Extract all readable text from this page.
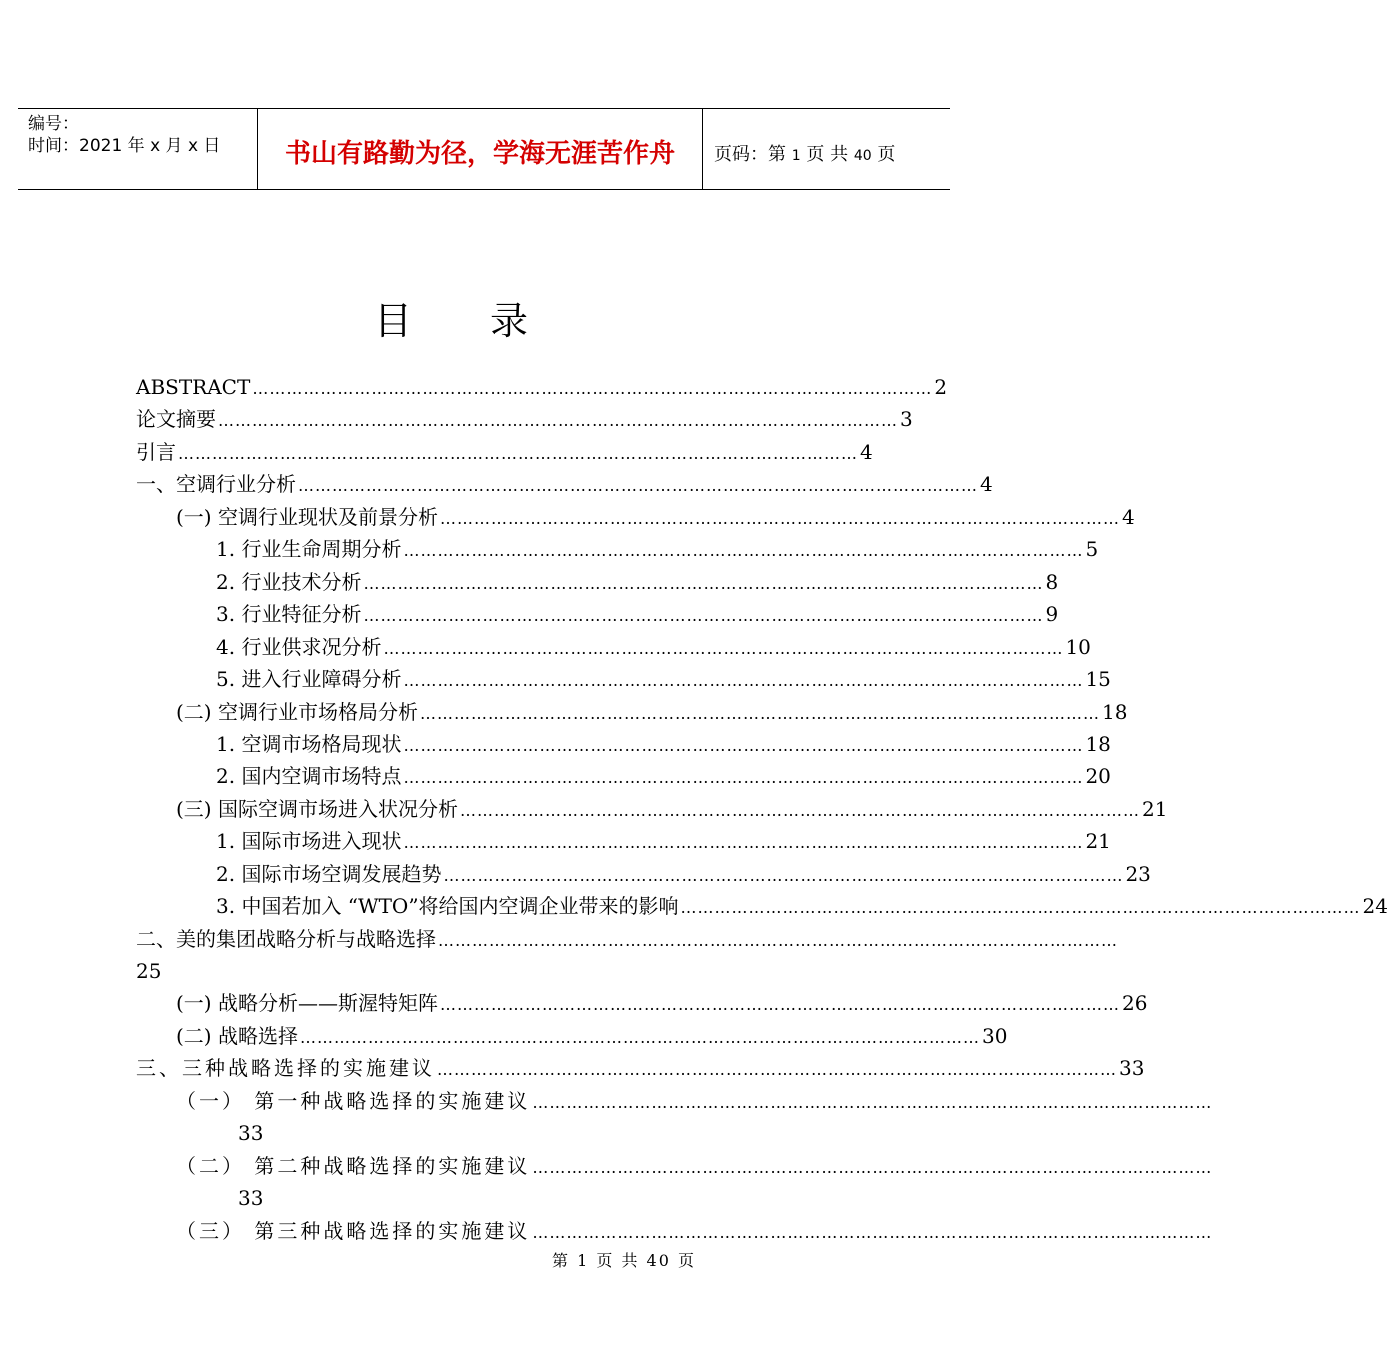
编号：
时间：2021 年 x 月 x 日	书山有路勤为径，学海无涯苦作舟	页码：第 1 页 共 40 页
目录
ABSTRACT ………………………………………………………………………………………………………… 2
论文摘要 ………………………………………………………………………………………………………… 3
引言 ………………………………………………………………………………………………………… 4
一、空调行业分析 ………………………………………………………………………………………………………… 4
(一) 空调行业现状及前景分析 ………………………………………………………………………………………………………… 4
1. 行业生命周期分析 ………………………………………………………………………………………………………… 5
2. 行业技术分析 ………………………………………………………………………………………………………… 8
3. 行业特征分析 ………………………………………………………………………………………………………… 9
4. 行业供求况分析 ………………………………………………………………………………………………………… 10
5. 进入行业障碍分析 ………………………………………………………………………………………………………… 15
(二) 空调行业市场格局分析 ………………………………………………………………………………………………………… 18
1. 空调市场格局现状 ………………………………………………………………………………………………………… 18
2. 国内空调市场特点 ………………………………………………………………………………………………………… 20
(三) 国际空调市场进入状况分析 ………………………………………………………………………………………………………… 21
1. 国际市场进入现状 ………………………………………………………………………………………………………… 21
2. 国际市场空调发展趋势 ………………………………………………………………………………………………………… 23
3. 中国若加入 “WTO”将给国内空调企业带来的影响 ………………………………………………………………………………………………………… 24
二、美的集团战略分析与战略选择 …………………………………………………………………………………………………………
25
(一) 战略分析——斯渥特矩阵 ………………………………………………………………………………………………………… 26
(二) 战略选择 ………………………………………………………………………………………………………… 30
三、三种战略选择的实施建议 ………………………………………………………………………………………………………… 33
（一） 第一种战略选择的实施建议 …………………………………………………………………………………………………………
33
（二） 第二种战略选择的实施建议 …………………………………………………………………………………………………………
33
（三） 第三种战略选择的实施建议 …………………………………………………………………………………………………………
第 1 页 共 40 页
